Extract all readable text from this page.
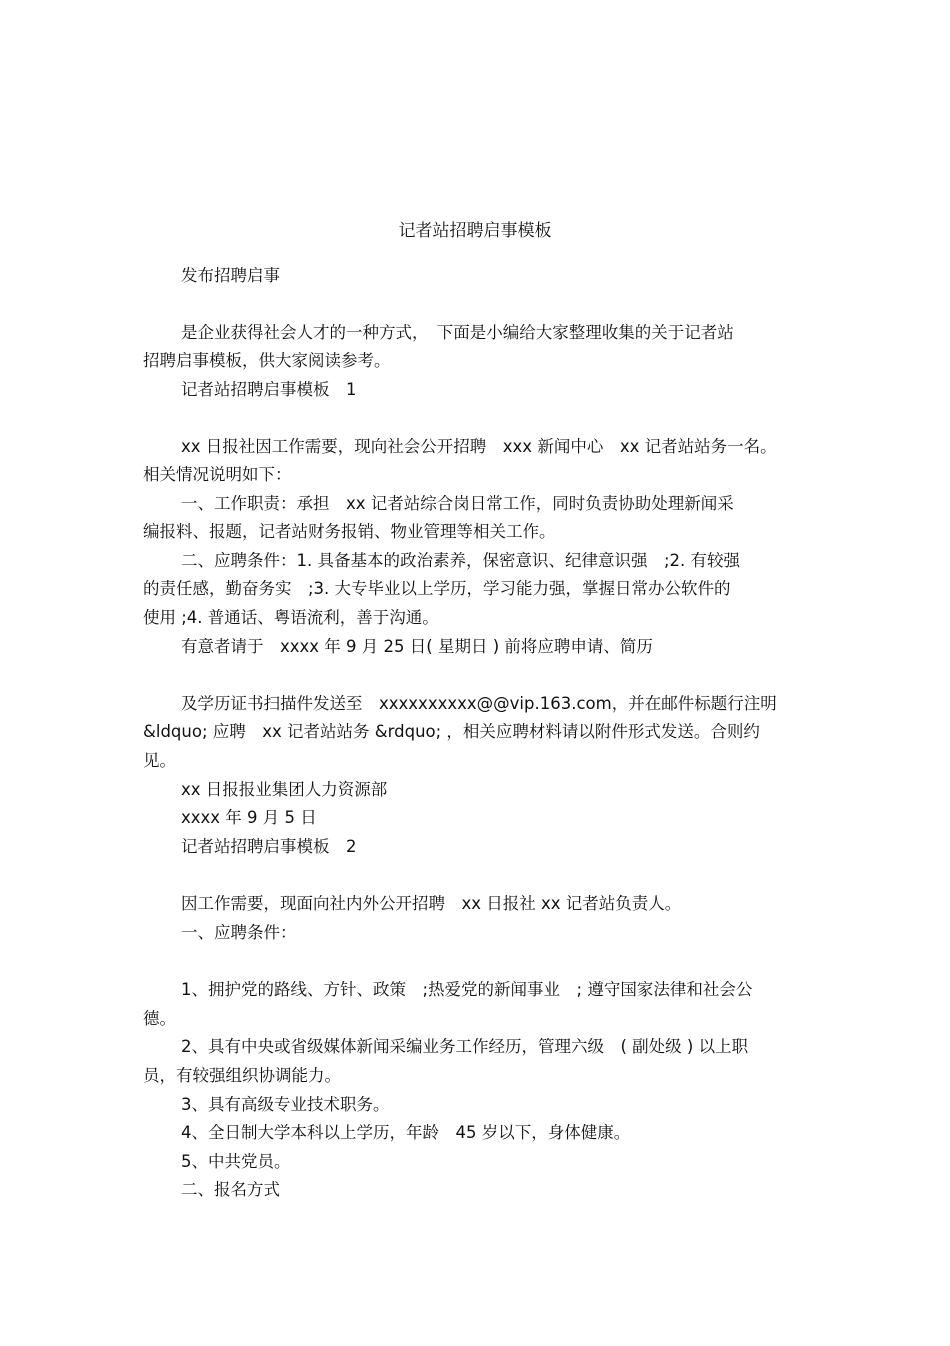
记者站招聘启事模板
发布招聘启事
是企业获得社会人才的一种方式，　下面是小编给大家整理收集的关于记者站
招聘启事模板，供大家阅读参考。
记者站招聘启事模板　1
xx 日报社因工作需要，现向社会公开招聘　xxx 新闻中心　xx 记者站站务一名。
相关情况说明如下：
一、工作职责：承担　xx 记者站综合岗日常工作，同时负责协助处理新闻采
编报料、报题，记者站财务报销、物业管理等相关工作。
二、应聘条件：1. 具备基本的政治素养，保密意识、纪律意识强　;2. 有较强
的责任感，勤奋务实　;3. 大专毕业以上学历，学习能力强，掌握日常办公软件的
使用 ;4. 普通话、粤语流利，善于沟通。
有意者请于　xxxx 年 9 月 25 日( 星期日 ) 前将应聘申请、简历
及学历证书扫描件发送至　xxxxxxxxxx@@vip.163.com，并在邮件标题行注明
&ldquo; 应聘　xx 记者站站务 &rdquo; ，相关应聘材料请以附件形式发送。合则约
见。
xx 日报报业集团人力资源部
xxxx 年 9 月 5 日
记者站招聘启事模板　2
因工作需要，现面向社内外公开招聘　xx 日报社 xx 记者站负责人。
一、应聘条件：
1、拥护党的路线、方针、政策　;热爱党的新闻事业　; 遵守国家法律和社会公
德。
2、具有中央或省级媒体新闻采编业务工作经历，管理六级　( 副处级 ) 以上职
员，有较强组织协调能力。
3、具有高级专业技术职务。
4、全日制大学本科以上学历，年龄　45 岁以下，身体健康。
5、中共党员。
二、报名方式
